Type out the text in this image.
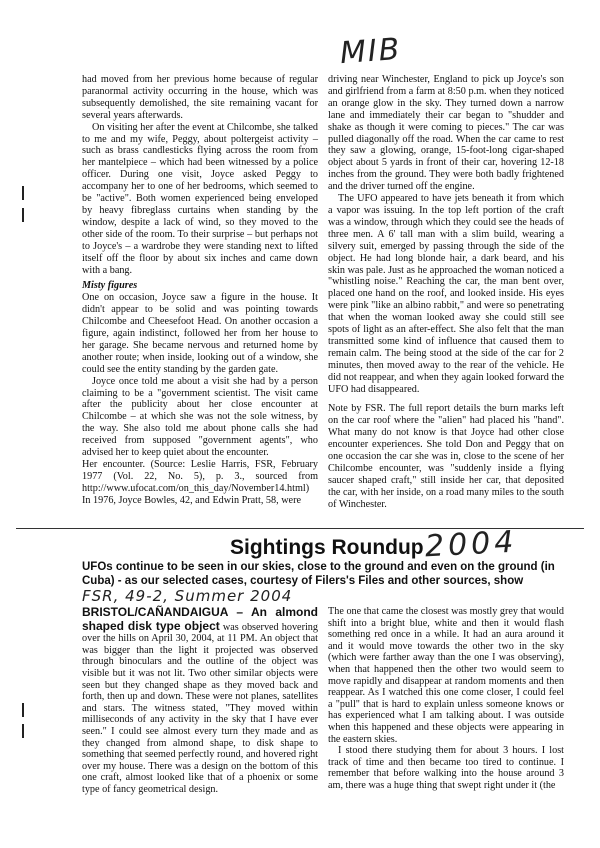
MIB
2004
FSR, 49-2, Summer 2004

had moved from her previous home because of regular paranormal activity occurring in the house, which was subsequently demolished, the site remaining vacant for several years afterwards.

On visiting her after the event at Chilcombe, she talked to me and my wife, Peggy, about poltergeist activity – such as brass candlesticks flying across the room from her mantelpiece – which had been witnessed by a police officer. During one visit, Joyce asked Peggy to accompany her to one of her bedrooms, which seemed to be "active". Both women experienced being enveloped by heavy fibreglass curtains when standing by the window, despite a lack of wind, so they moved to the other side of the room. To their surprise – but perhaps not to Joyce's – a wardrobe they were standing next to lifted itself off the floor by about six inches and came down with a bang.

Misty figures

One on occasion, Joyce saw a figure in the house. It didn't appear to be solid and was pointing towards Chilcombe and Cheesefoot Head. On another occasion a figure, again indistinct, followed her from her house to her garage. She became nervous and returned home by another route; when inside, looking out of a window, she could see the entity standing by the garden gate.

Joyce once told me about a visit she had by a person claiming to be a "government scientist. The visit came after the publicity about her close encounter at Chilcombe – at which she was not the sole witness, by the way. She also told me about phone calls she had received from supposed "government agents", who advised her to keep quiet about the encounter.

Her encounter. (Source: Leslie Harris, FSR, February 1977 (Vol. 22, No. 5), p. 3., sourced from http://www.ufocat.com/on_this_day/November14.html) In 1976, Joyce Bowles, 42, and Edwin Pratt, 58, were

driving near Winchester, England to pick up Joyce's son and girlfriend from a farm at 8:50 p.m. when they noticed an orange glow in the sky. They turned down a narrow lane and immediately their car began to "shudder and shake as though it were coming to pieces." The car was pulled diagonally off the road. When the car came to rest they saw a glowing, orange, 15-foot-long cigar-shaped object about 5 yards in front of their car, hovering 12-18 inches from the ground. They were both badly frightened and the driver turned off the engine.

The UFO appeared to have jets beneath it from which a vapor was issuing. In the top left portion of the craft was a window, through which they could see the heads of three men. A 6' tall man with a slim build, wearing a silvery suit, emerged by passing through the side of the object. He had long blonde hair, a dark beard, and his skin was pale. Just as he approached the woman noticed a "whistling noise." Reaching the car, the man bent over, placed one hand on the roof, and looked inside. His eyes were pink "like an albino rabbit," and were so penetrating that when the woman looked away she could still see spots of light as an after-effect. She also felt that the man transmitted some kind of influence that caused them to remain calm. The being stood at the side of the car for 2 minutes, then moved away to the rear of the vehicle. He did not reappear, and when they again looked forward the UFO had disappeared.

Note by FSR. The full report details the burn marks left on the car roof where the "alien" had placed his "hand". What many do not know is that Joyce had other close encounter experiences. She told Don and Peggy that on one occasion the car she was in, close to the scene of her Chilcombe encounter, was "suddenly inside a flying saucer shaped craft," still inside her car, that deposited the car, with her inside, on a road many miles to the south of Winchester.

Sightings Roundup
UFOs continue to be seen in our skies, close to the ground and even on the ground (in Cuba) - as our selected cases, courtesy of Filers's Files and other sources, show
BRISTOL/CAÑANDAIGUA – An almond shaped disk type object was observed hovering over the hills on April 30, 2004, at 11 PM. An object that was bigger than the light it projected was observed through binoculars and the outline of the object was visible but it was not lit. Two other similar objects were seen but they changed shape as they moved back and forth, then up and down. These were not planes, satellites and stars. The witness stated, "They moved within milliseconds of any activity in the sky that I have ever seen." I could see almost every turn they made and as they changed from almond shape, to disk shape to something that seemed perfectly round, and hovered right over my house. There was a design on the bottom of this one craft, almost looked like that of a phoenix or some type of fancy geometrical design.

The one that came the closest was mostly grey that would shift into a bright blue, white and then it would flash something red once in a while. It had an aura around it and it would move towards the other two in the sky (which were farther away than the one I was observing), when that happened then the other two would seem to move rapidly and disappear at random moments and then reappear. As I watched this one come closer, I could feel a "pull" that is hard to explain unless someone knows or has experienced what I am talking about. I was outside when this happened and these objects were appearing in the eastern skies.

I stood there studying them for about 3 hours. I lost track of time and then became too tired to continue. I remember that before walking into the house around 3 am, there was a huge thing that swept right under it (the
